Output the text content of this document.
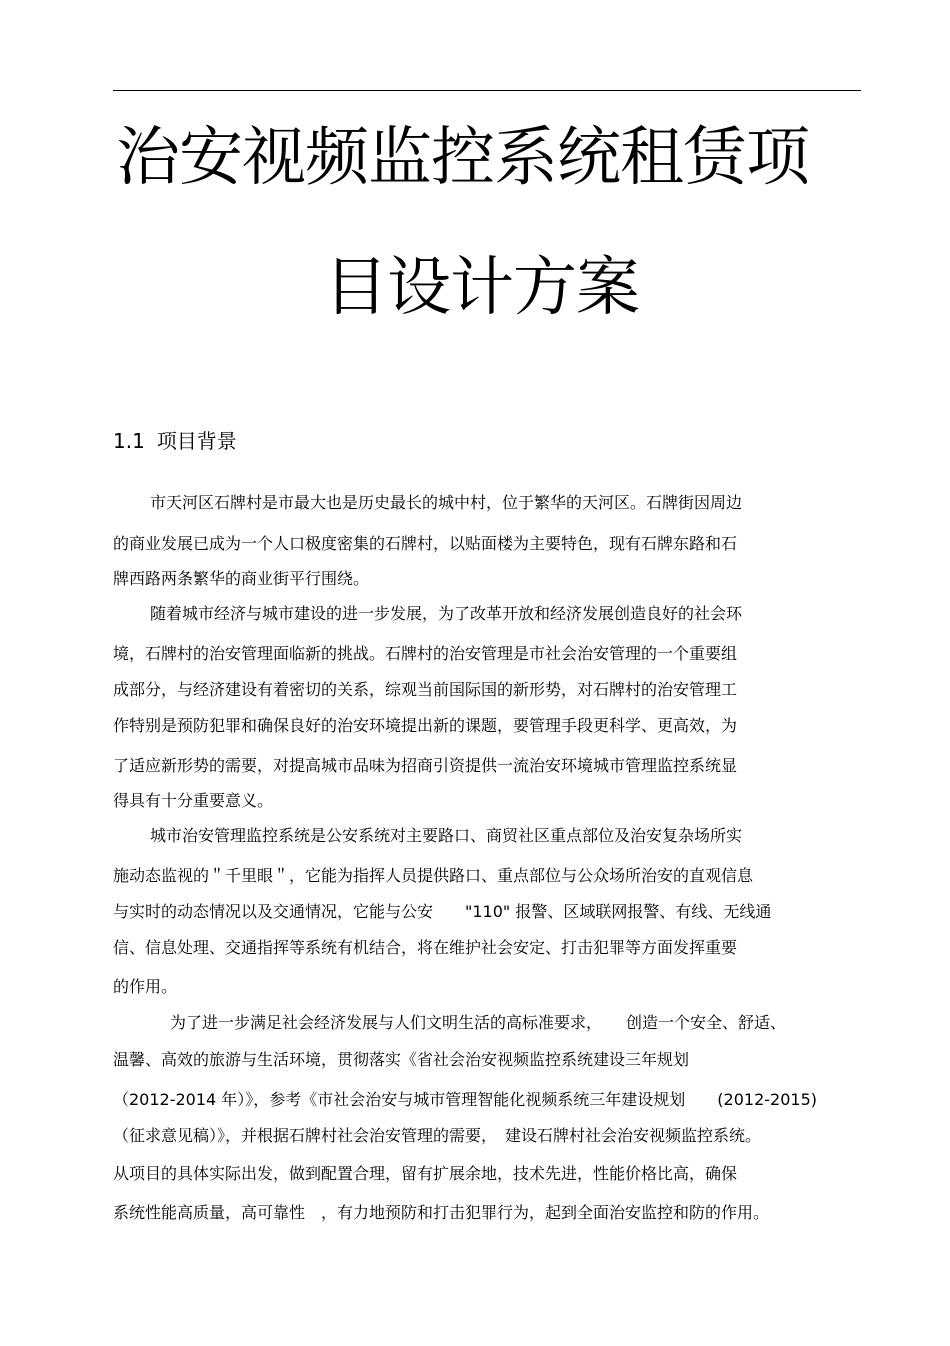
治安视频监控系统租赁项
目设计方案
1.1 项目背景
市天河区石牌村是市最大也是历史最长的城中村，位于繁华的天河区。石牌街因周边
的商业发展已成为一个人口极度密集的石牌村，以贴面楼为主要特色，现有石牌东路和石
牌西路两条繁华的商业街平行围绕。
随着城市经济与城市建设的进一步发展，为了改革开放和经济发展创造良好的社会环
境，石牌村的治安管理面临新的挑战。石牌村的治安管理是市社会治安管理的一个重要组
成部分，与经济建设有着密切的关系，综观当前国际国的新形势，对石牌村的治安管理工
作特别是预防犯罪和确保良好的治安环境提出新的课题，要管理手段更科学、更高效，为
了适应新形势的需要，对提高城市品味为招商引资提供一流治安环境城市管理监控系统显
得具有十分重要意义。
城市治安管理监控系统是公安系统对主要路口、商贸社区重点部位及治安复杂场所实
施动态监视的＂千里眼＂，它能为指挥人员提供路口、重点部位与公众场所治安的直观信息
与实时的动态情况以及交通情况，它能与公安　　"110" 报警、区域联网报警、有线、无线通
信、信息处理、交通指挥等系统有机结合，将在维护社会安定、打击犯罪等方面发挥重要
的作用。
为了进一步满足社会经济发展与人们文明生活的高标准要求，　　创造一个安全、舒适、
温馨、高效的旅游与生活环境，贯彻落实《省社会治安视频监控系统建设三年规划
（2012-2014 年）》，参考《市社会治安与城市管理智能化视频系统三年建设规划　　(2012-2015)
（征求意见稿）》，并根据石牌村社会治安管理的需要，　建设石牌村社会治安视频监控系统。
从项目的具体实际出发，做到配置合理，留有扩展余地，技术先进，性能价格比高，确保
系统性能高质量，高可靠性　，有力地预防和打击犯罪行为，起到全面治安监控和防的作用。
